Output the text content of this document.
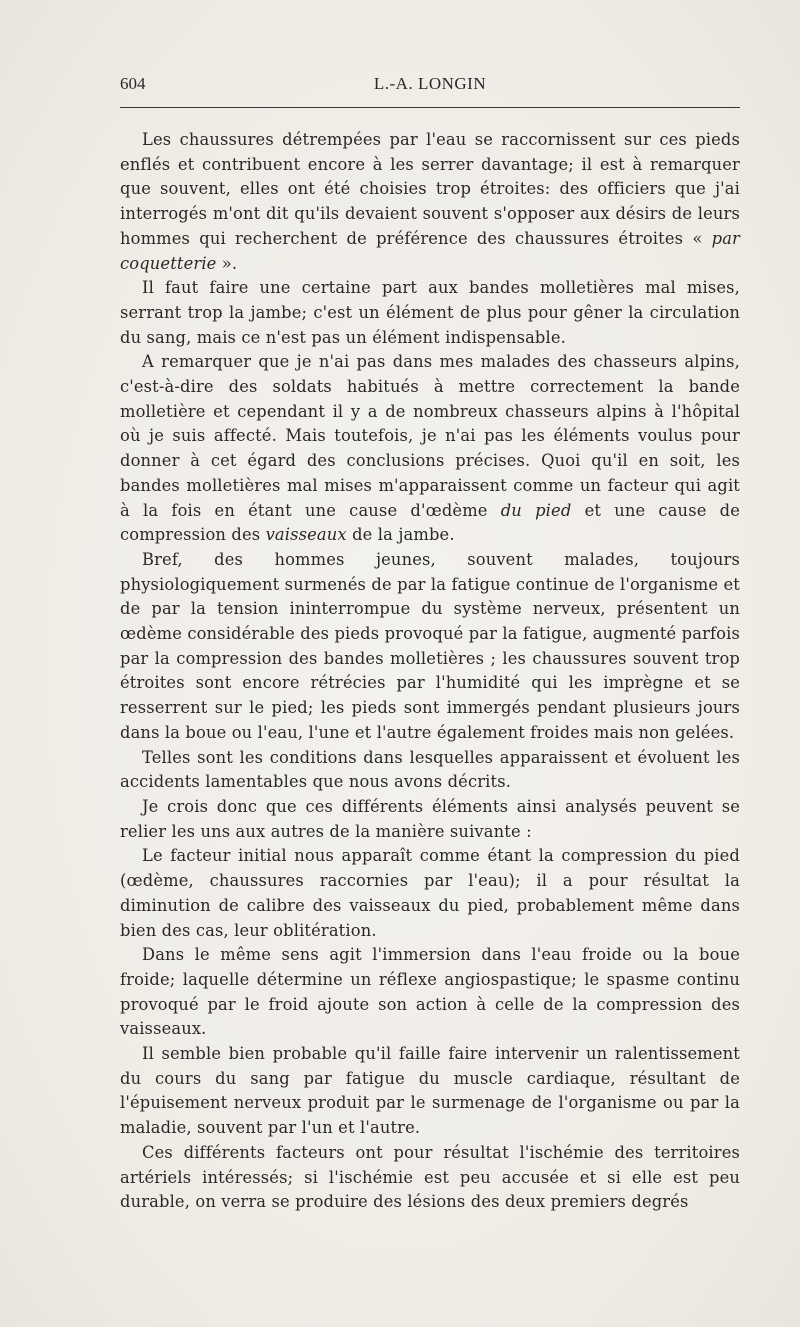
604	L.-A. LONGIN

Les chaussures détrempées par l'eau se raccornissent sur ces pieds enflés et contribuent encore à les serrer davantage; il est à remarquer que souvent, elles ont été choisies trop étroites: des officiers que j'ai interrogés m'ont dit qu'ils devaient souvent s'opposer aux désirs de leurs hommes qui recherchent de préférence des chaussures étroites « par coquetterie ».

Il faut faire une certaine part aux bandes molletières mal mises, serrant trop la jambe; c'est un élément de plus pour gêner la circulation du sang, mais ce n'est pas un élément indispensable.

A remarquer que je n'ai pas dans mes malades des chasseurs alpins, c'est-à-dire des soldats habitués à mettre correctement la bande molletière et cependant il y a de nombreux chasseurs alpins à l'hôpital où je suis affecté. Mais toutefois, je n'ai pas les éléments voulus pour donner à cet égard des conclusions précises. Quoi qu'il en soit, les bandes molletières mal mises m'apparaissent comme un facteur qui agit à la fois en étant une cause d'œdème du pied et une cause de compression des vaisseaux de la jambe.

Bref, des hommes jeunes, souvent malades, toujours physiologiquement surmenés de par la fatigue continue de l'organisme et de par la tension ininterrompue du système nerveux, présentent un œdème considérable des pieds provoqué par la fatigue, augmenté parfois par la compression des bandes molletières ; les chaussures souvent trop étroites sont encore rétrécies par l'humidité qui les imprègne et se resserrent sur le pied; les pieds sont immergés pendant plusieurs jours dans la boue ou l'eau, l'une et l'autre également froides mais non gelées.

Telles sont les conditions dans lesquelles apparaissent et évoluent les accidents lamentables que nous avons décrits.

Je crois donc que ces différents éléments ainsi analysés peuvent se relier les uns aux autres de la manière suivante :

Le facteur initial nous apparaît comme étant la compression du pied (œdème, chaussures raccornies par l'eau); il a pour résultat la diminution de calibre des vaisseaux du pied, probablement même dans bien des cas, leur oblitération.

Dans le même sens agit l'immersion dans l'eau froide ou la boue froide; laquelle détermine un réflexe angiospastique; le spasme continu provoqué par le froid ajoute son action à celle de la compression des vaisseaux.

Il semble bien probable qu'il faille faire intervenir un ralentissement du cours du sang par fatigue du muscle cardiaque, résultant de l'épuisement nerveux produit par le surmenage de l'organisme ou par la maladie, souvent par l'un et l'autre.

Ces différents facteurs ont pour résultat l'ischémie des territoires artériels intéressés; si l'ischémie est peu accusée et si elle est peu durable, on verra se produire des lésions des deux premiers degrés
